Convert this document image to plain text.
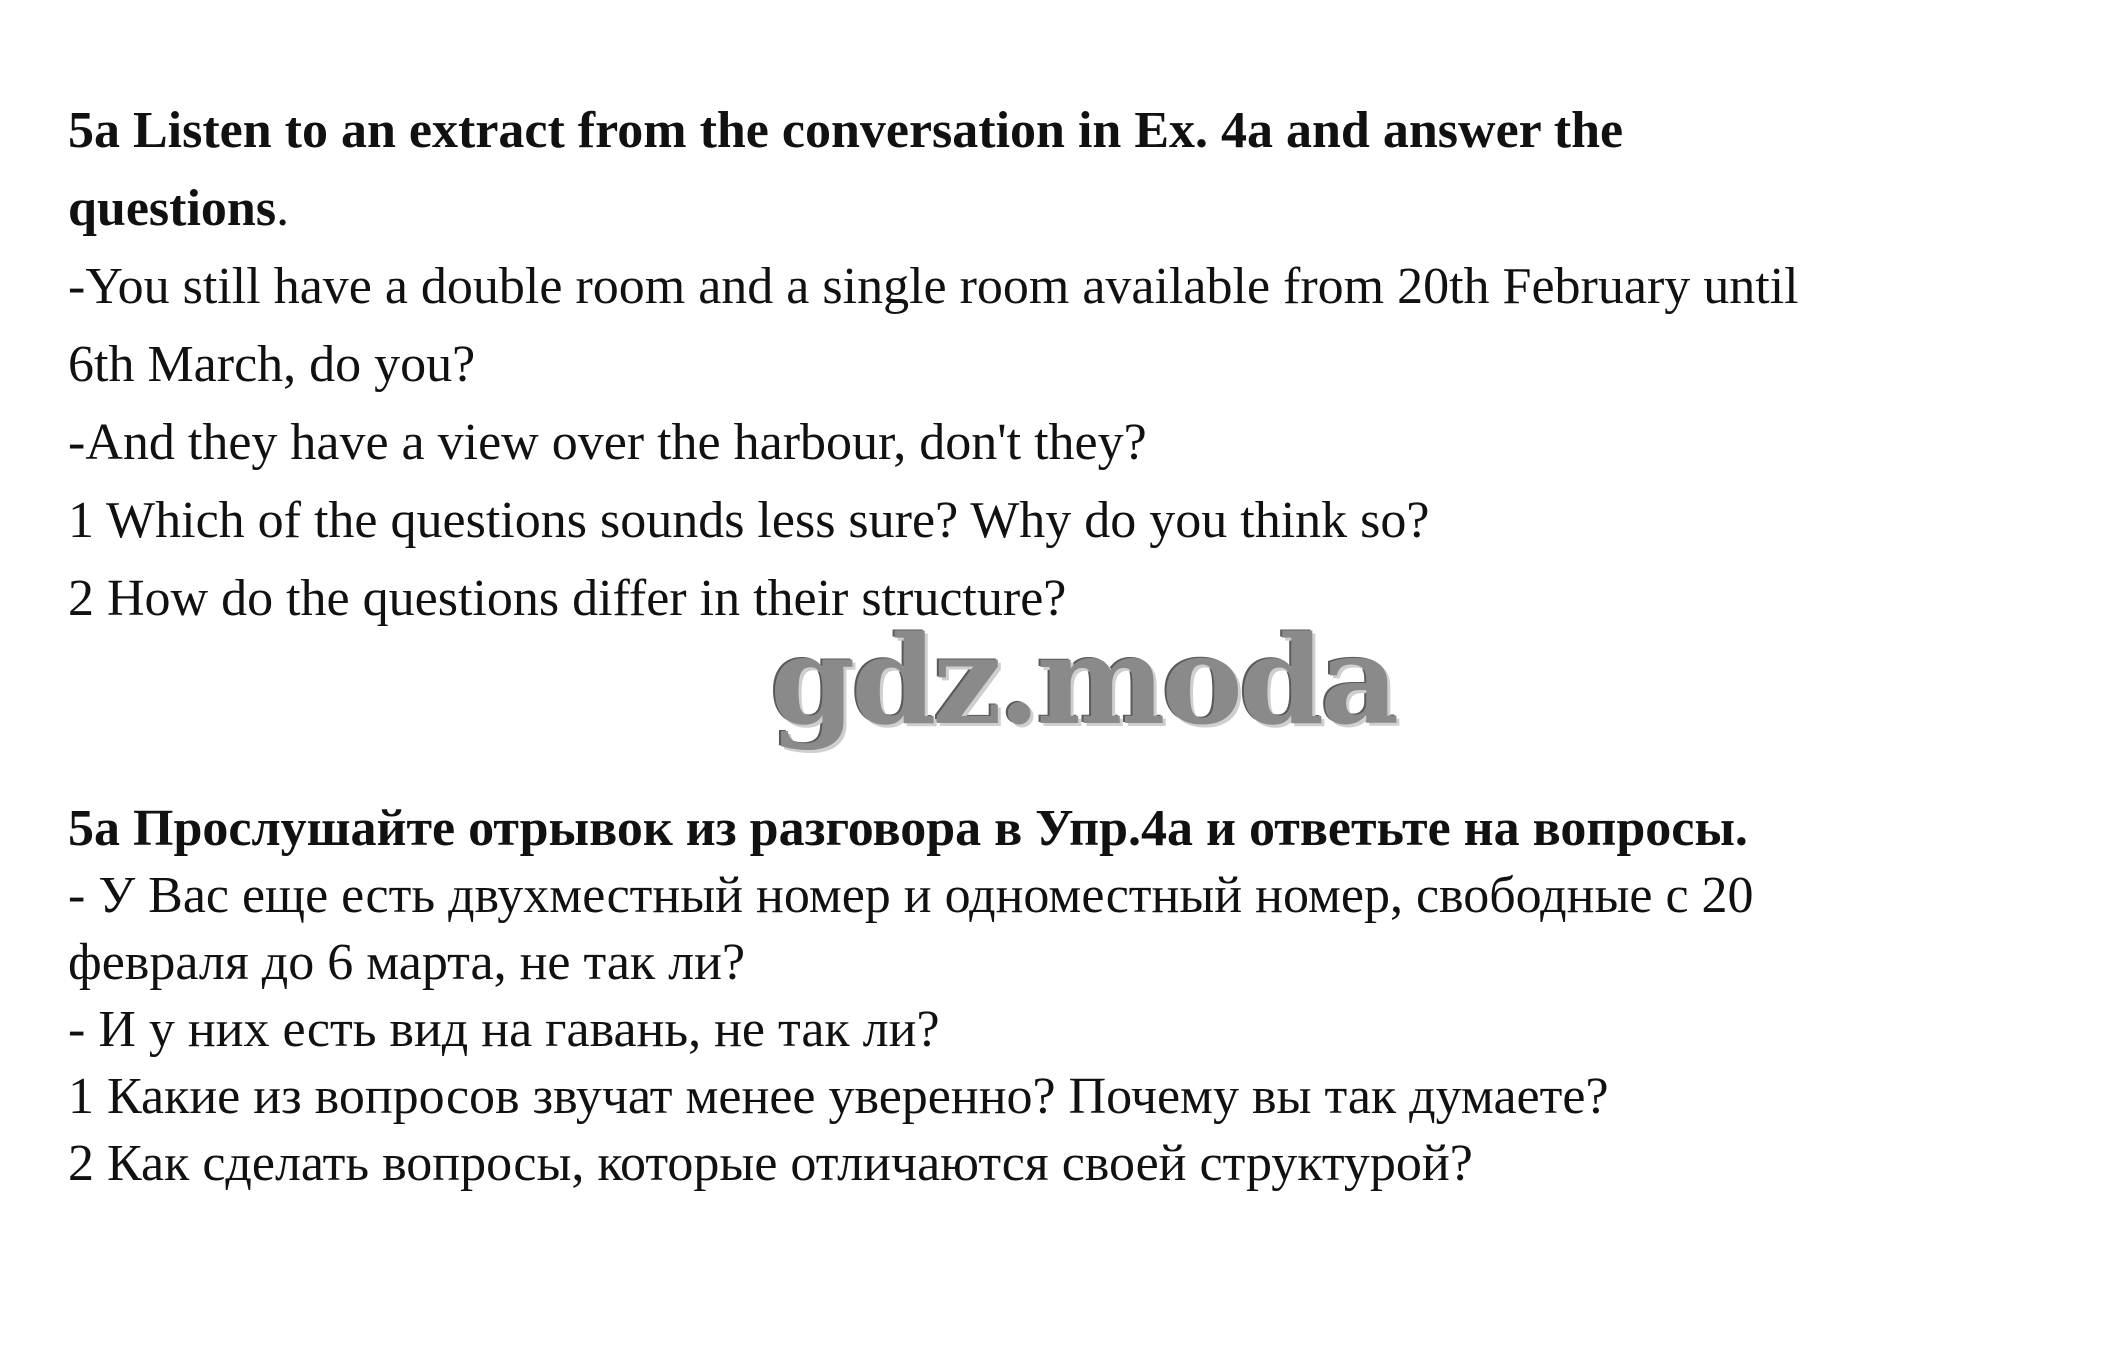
5a Listen to an extract from the conversation in Ex. 4a and answer the
questions.
-You still have a double room and a single room available from 20th February until
6th March, do you?
-And they have a view over the harbour, don't they?
1 Which of the questions sounds less sure? Why do you think so?
2 How do the questions differ in their structure?
gdz.moda
5a Прослушайте отрывок из разговора в Упр.4a и ответьте на вопросы.
- У Вас еще есть двухместный номер и одноместный номер, свободные с 20
февраля до 6 марта, не так ли?
- И у них есть вид на гавань, не так ли?
1 Какие из вопросов звучат менее уверенно? Почему вы так думаете?
2 Как сделать вопросы, которые отличаются своей структурой?
